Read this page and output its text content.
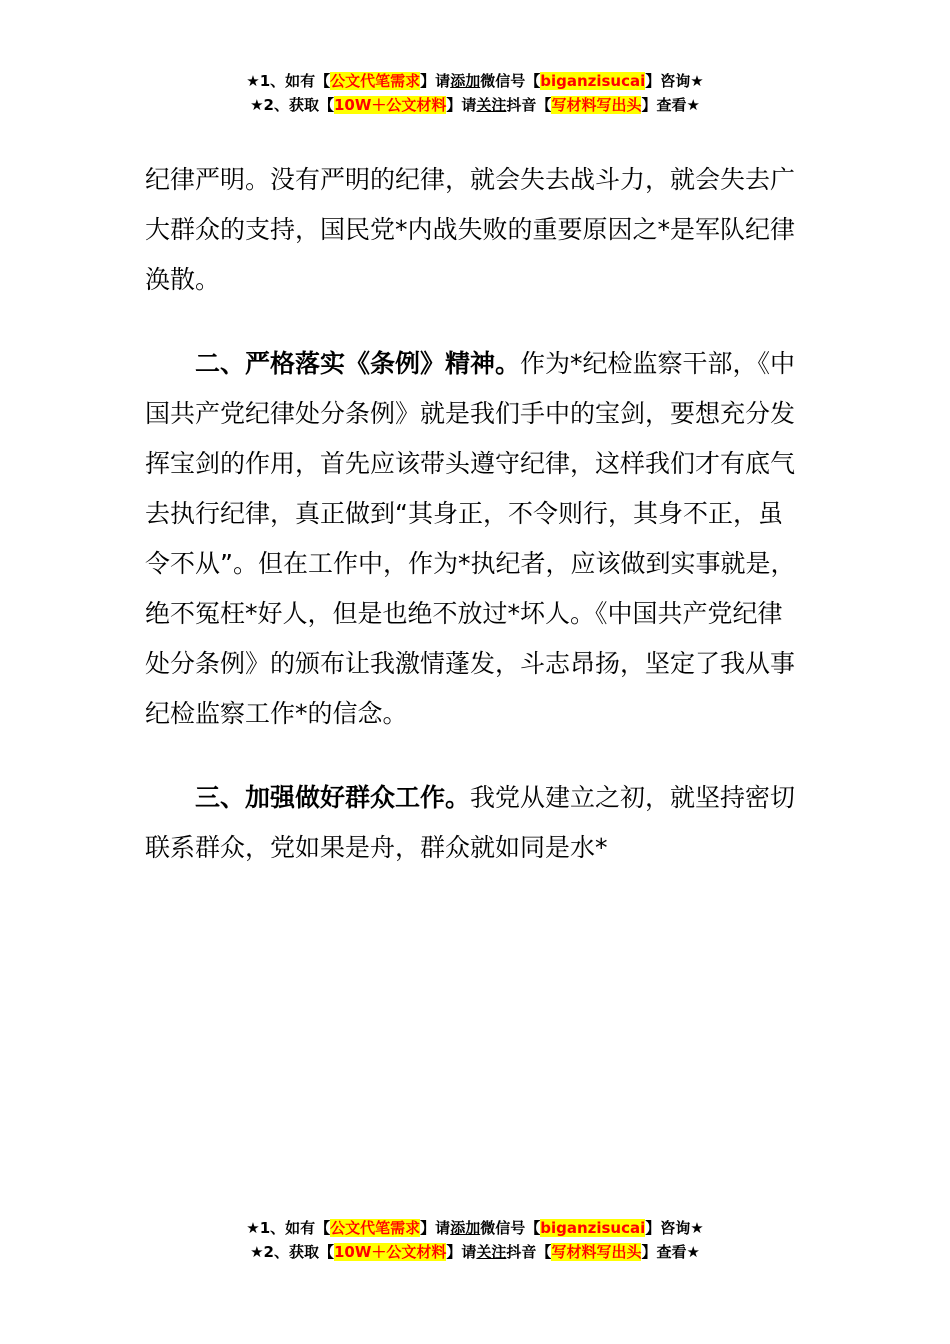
★1、如有【公文代笔需求】请添加微信号【biganzisucai】咨询★
★2、获取【10W＋公文材料】请关注抖音【写材料写出头】查看★

纪律严明。没有严明的纪律，就会失去战斗力，就会失去广大群众的支持，国民党*内战失败的重要原因之*是军队纪律涣散。

二、严格落实《条例》精神。作为*纪检监察干部，《中国共产党纪律处分条例》就是我们手中的宝剑，要想充分发挥宝剑的作用，首先应该带头遵守纪律，这样我们才有底气去执行纪律，真正做到“其身正，不令则行，其身不正，虽令不从”。但在工作中，作为*执纪者，应该做到实事就是，绝不冤枉*好人，但是也绝不放过*坏人。《中国共产党纪律处分条例》的颁布让我激情蓬发，斗志昂扬，坚定了我从事纪检监察工作*的信念。

三、加强做好群众工作。我党从建立之初，就坚持密切联系群众，党如果是舟，群众就如同是水*

★1、如有【公文代笔需求】请添加微信号【biganzisucai】咨询★
★2、获取【10W＋公文材料】请关注抖音【写材料写出头】查看★
